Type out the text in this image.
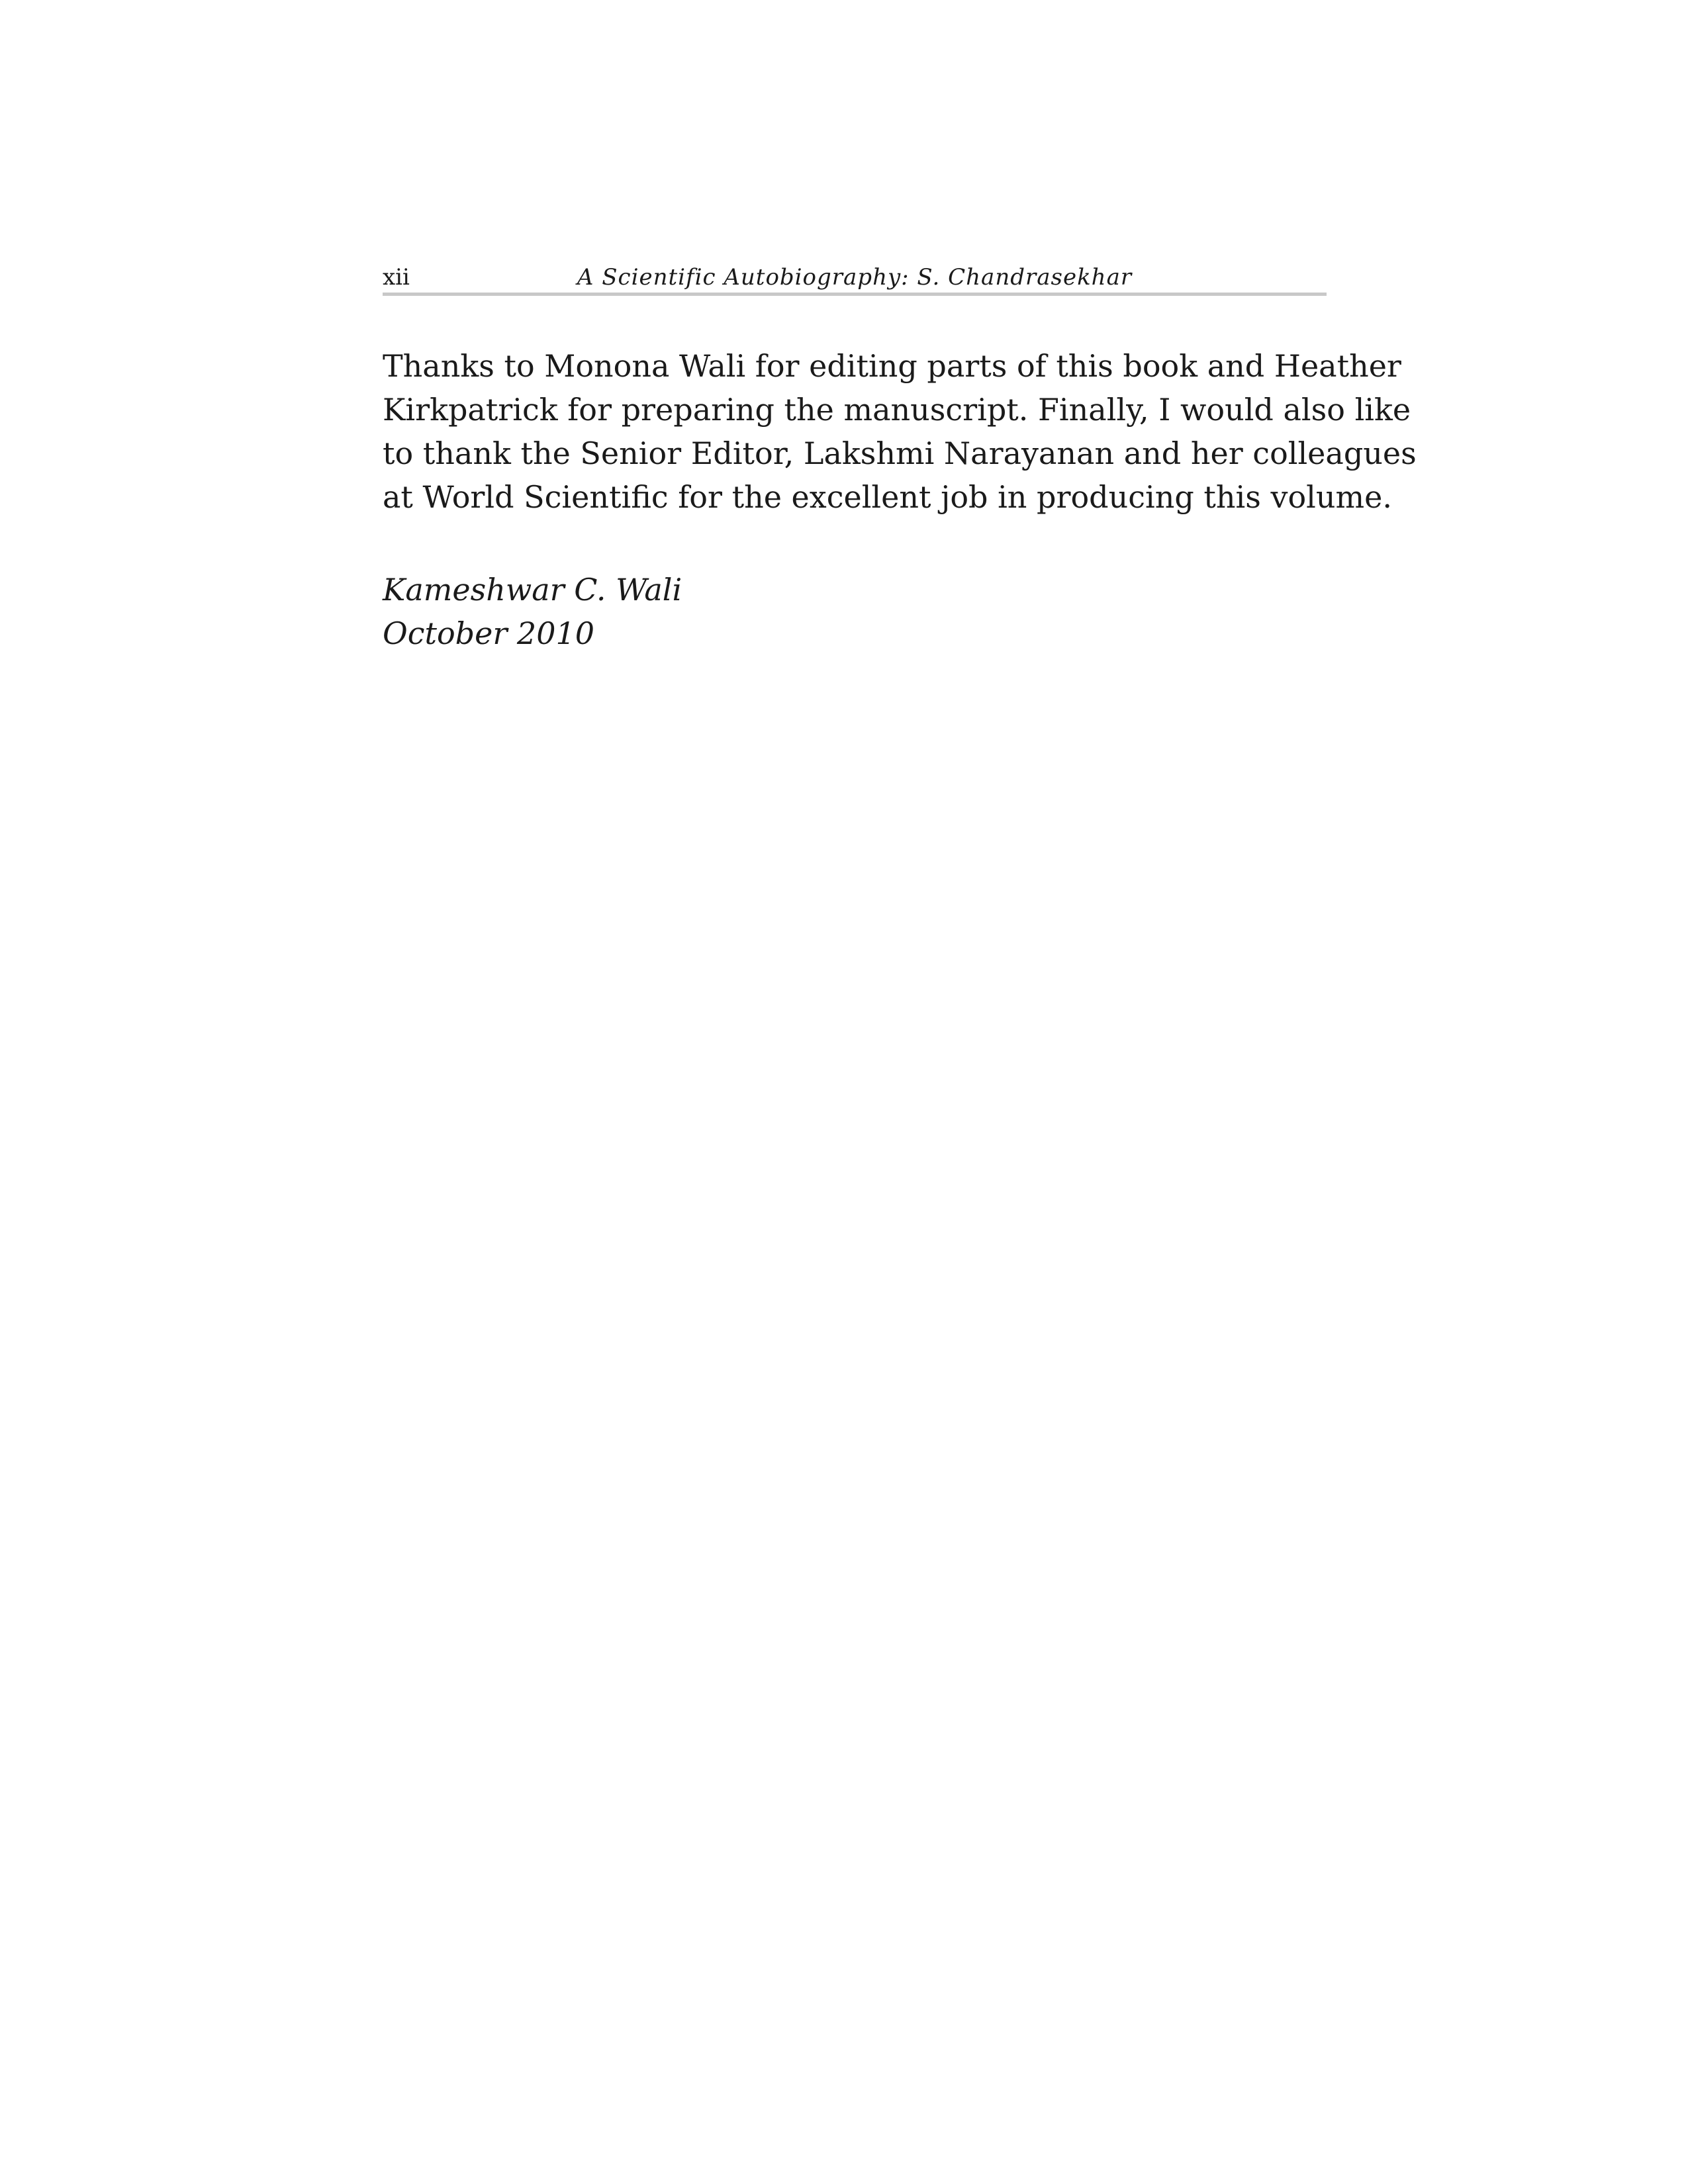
xii	A Scientific Autobiography: S. Chandrasekhar
Thanks to Monona Wali for editing parts of this book and Heather
Kirkpatrick for preparing the manuscript. Finally, I would also like
to thank the Senior Editor, Lakshmi Narayanan and her colleagues
at World Scientific for the excellent job in producing this volume.
Kameshwar C. Wali
October 2010
